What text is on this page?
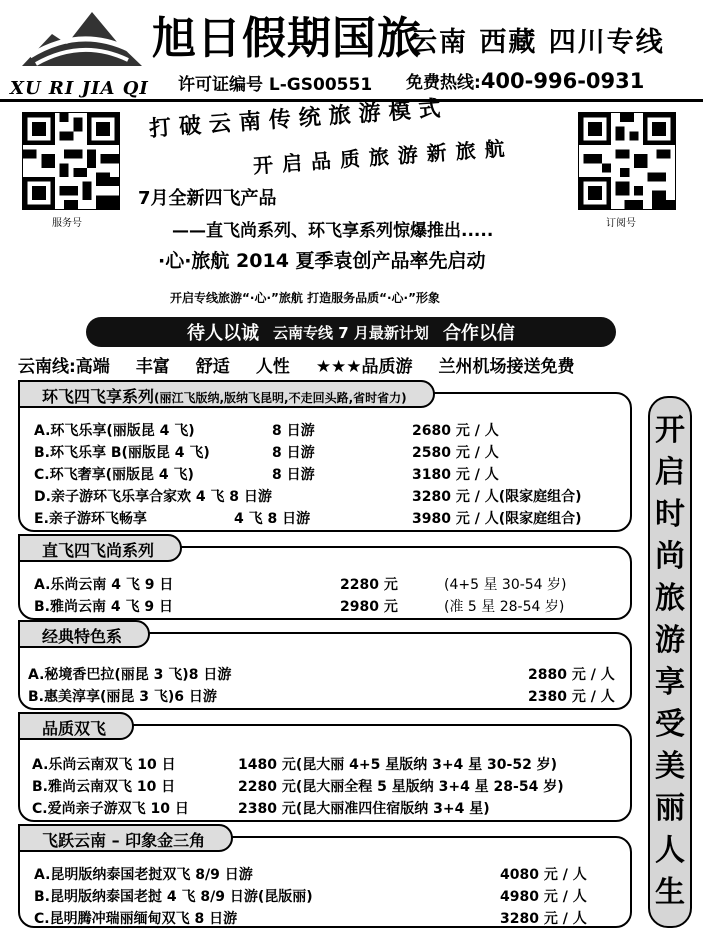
XU RI JIA QI
旭日假期国旅
云南 西藏 四川专线
许可证编号 L-GS00551 免费热线:400-996-0931
服务号	订阅号
打破云南传统旅游模式
开启品质旅游新旅航
7月全新四飞产品
——直飞尚系列、环飞享系列惊爆推出.....
·心·旅航 2014 夏季袁创产品率先启动
开启专线旅游“·心·”旅航 打造服务品质“·心·”形象
待人以诚 云南专线 7 月最新计划 合作以信
云南线:高端 丰富 舒适 人性 ★★★品质游 兰州机场接送免费
环飞四飞享系列(丽江飞版纳,版纳飞昆明,不走回头路,省时省力)
A.环飞乐享(丽版昆 4 飞)	8 日游	2680 元 / 人
B.环飞乐享 B(丽版昆 4 飞)	8 日游	2580 元 / 人
C.环飞奢享(丽版昆 4 飞)	8 日游	3180 元 / 人
D.亲子游环飞乐享合家欢 4 飞 8 日游	3280 元 / 人(限家庭组合)
E.亲子游环飞畅享	4 飞 8 日游	3980 元 / 人(限家庭组合)
直飞四飞尚系列
A.乐尚云南 4 飞 9 日	2280 元	(4+5 星 30-54 岁)
B.雅尚云南 4 飞 9 日	2980 元	(准 5 星 28-54 岁)
经典特色系
A.秘境香巴拉(丽昆 3 飞)8 日游	2880 元 / 人
B.惠美淳享(丽昆 3 飞)6 日游	2380 元 / 人
品质双飞
A.乐尚云南双飞 10 日	1480 元(昆大丽 4+5 星版纳 3+4 星 30-52 岁)
B.雅尚云南双飞 10 日	2280 元(昆大丽全程 5 星版纳 3+4 星 28-54 岁)
C.爱尚亲子游双飞 10 日	2380 元(昆大丽准四住宿版纳 3+4 星)
飞跃云南 – 印象金三角
A.昆明版纳泰国老挝双飞 8/9 日游	4080 元 / 人
B.昆明版纳泰国老挝 4 飞 8/9 日游(昆版丽)	4980 元 / 人
C.昆明腾冲瑞丽缅甸双飞 8 日游	3280 元 / 人
开
启
时
尚
旅
游
享
受
美
丽
人
生
